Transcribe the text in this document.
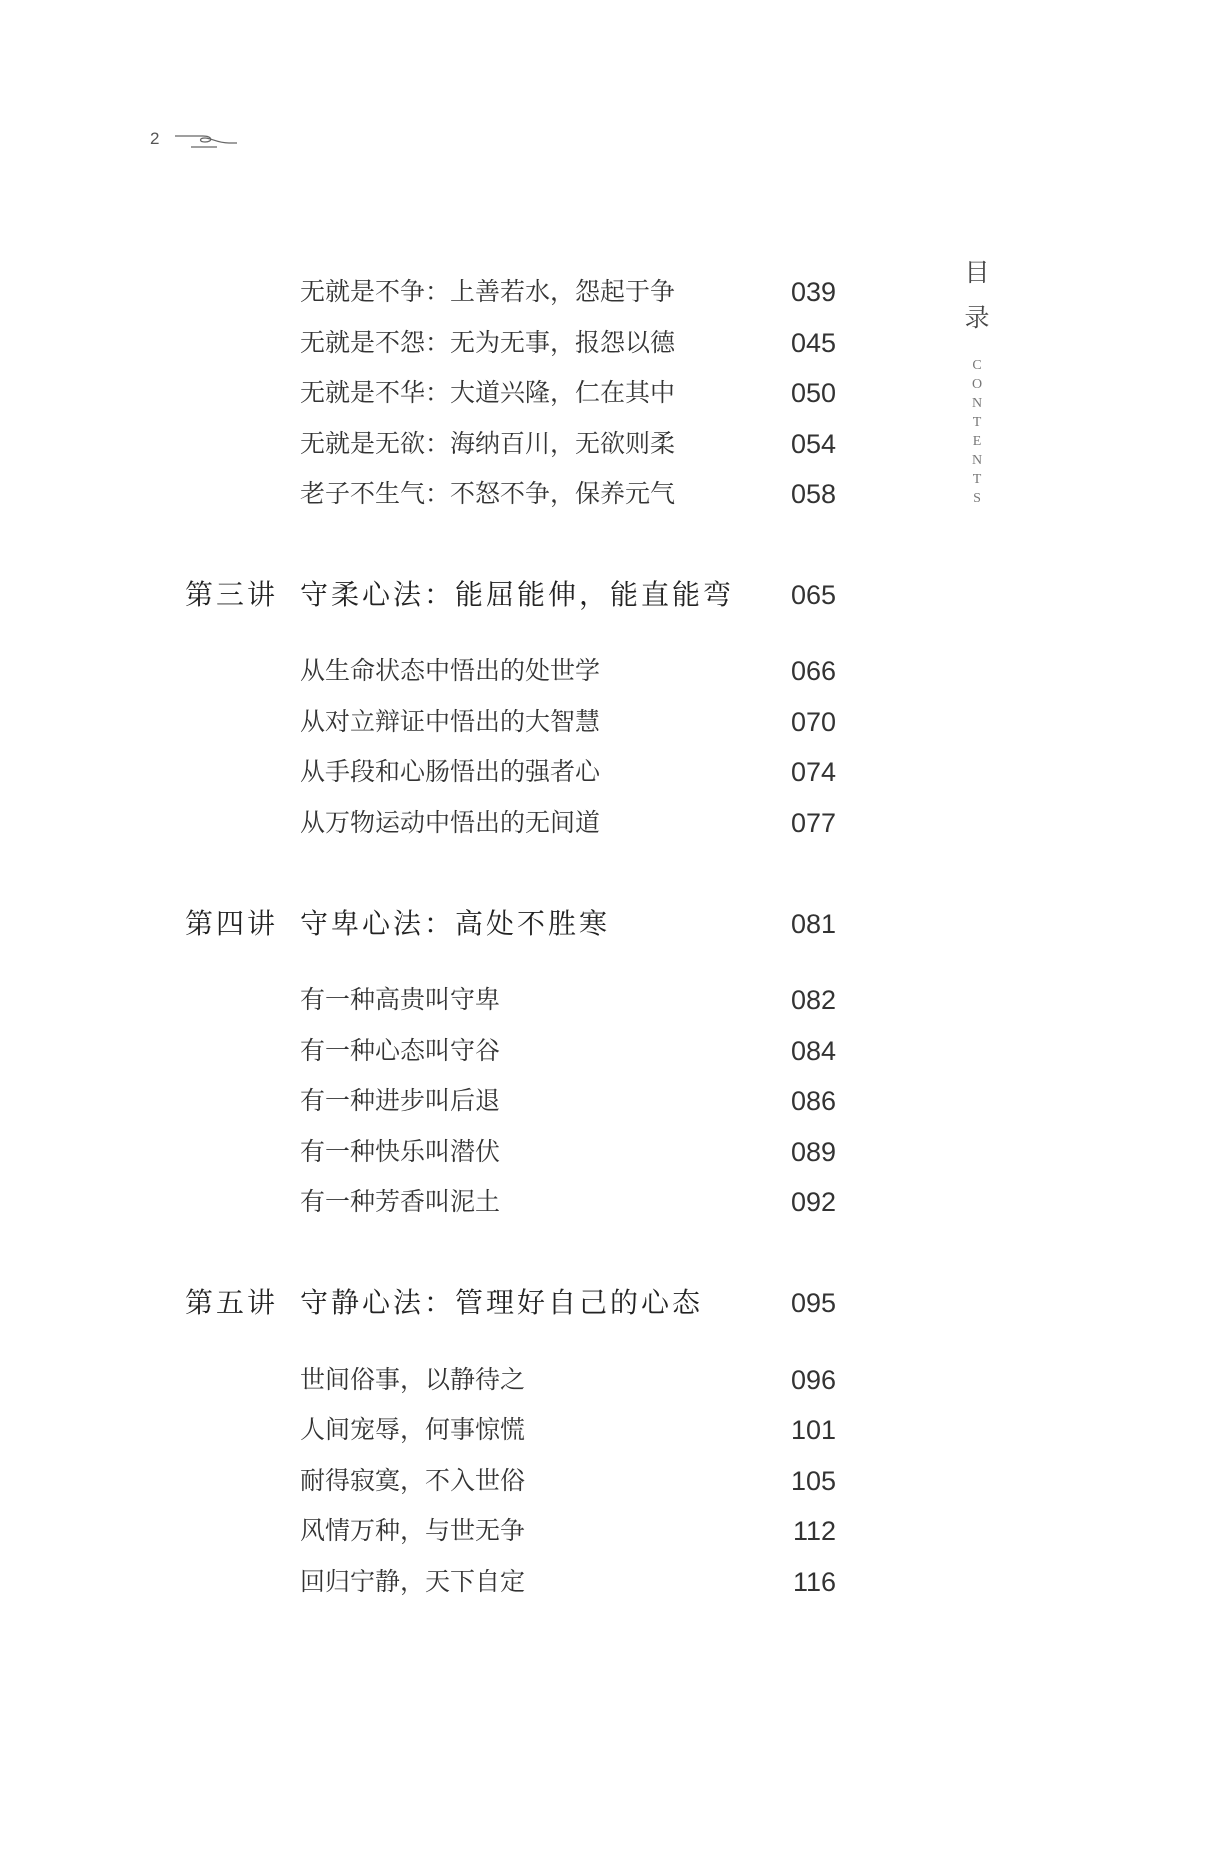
2
目
录
C
O
N
T
E
N
T
S
无就是不争：上善若水，怨起于争	039
无就是不怨：无为无事，报怨以德	045
无就是不华：大道兴隆，仁在其中	050
无就是无欲：海纳百川，无欲则柔	054
老子不生气：不怒不争，保养元气	058
第三讲 守柔心法：能屈能伸，能直能弯 065
从生命状态中悟出的处世学	066
从对立辩证中悟出的大智慧	070
从手段和心肠悟出的强者心	074
从万物运动中悟出的无间道	077
第四讲 守卑心法：高处不胜寒	081
有一种高贵叫守卑	082
有一种心态叫守谷	084
有一种进步叫后退	086
有一种快乐叫潜伏	089
有一种芳香叫泥土	092
第五讲 守静心法：管理好自己的心态	095
世间俗事，以静待之	096
人间宠辱，何事惊慌	101
耐得寂寞，不入世俗	105
风情万种，与世无争	112
回归宁静，天下自定	116
